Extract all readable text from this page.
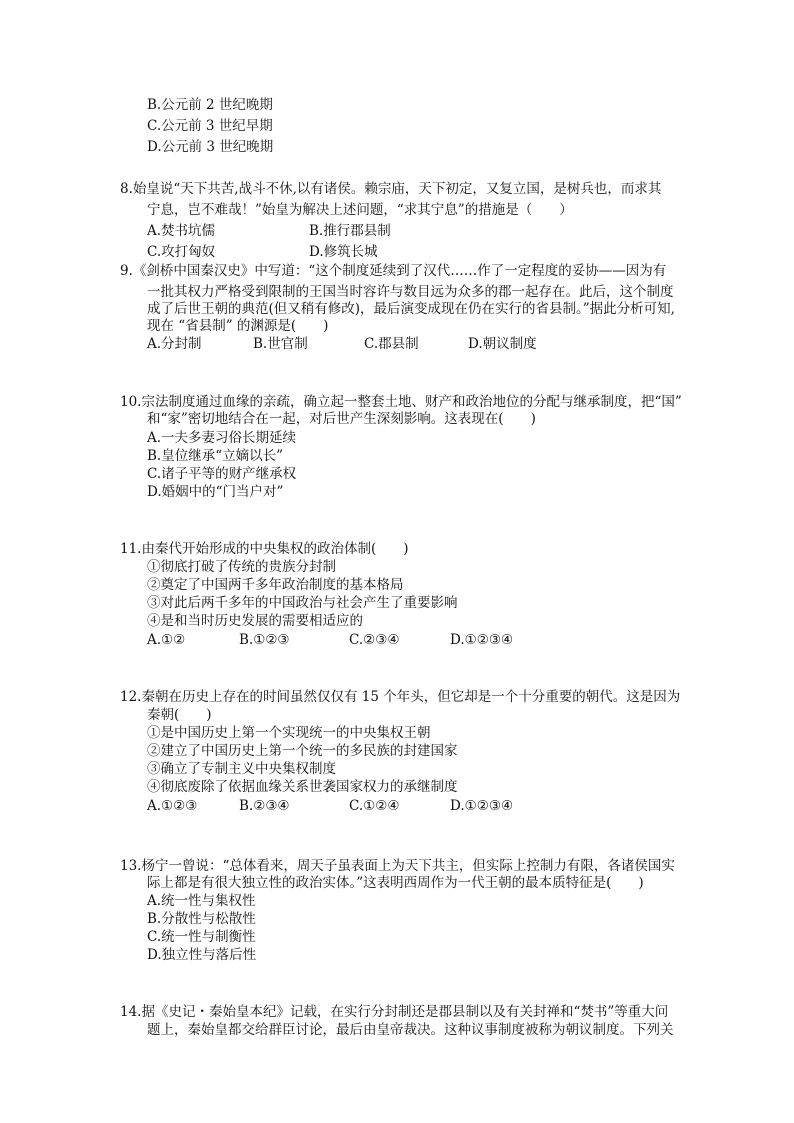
B.公元前 2 世纪晚期
C.公元前 3 世纪早期
D.公元前 3 世纪晚期
8.始皇说“天下共苦,战斗不休,以有诸侯。赖宗庙，天下初定，又复立国，是树兵也，而求其
宁息，岂不难哉！”始皇为解决上述问题，“求其宁息”的措施是（　　）
A.焚书坑儒	B.推行郡县制
C.攻打匈奴	D.修筑长城
9.《剑桥中国秦汉史》中写道：“这个制度延续到了汉代……作了一定程度的妥协——因为有
一批其权力严格受到限制的王国当时容许与数目远为众多的郡一起存在。此后，这个制度
成了后世王朝的典范(但又稍有修改)，最后演变成现在仍在实行的省县制。”据此分析可知,
现在 “省县制” 的渊源是(　　)
A.分封制	B.世官制	C.郡县制	D.朝议制度
10.宗法制度通过血缘的亲疏，确立起一整套土地、财产和政治地位的分配与继承制度，把“国”
和“家”密切地结合在一起，对后世产生深刻影响。这表现在(　　)
A.一夫多妻习俗长期延续
B.皇位继承“立嫡以长”
C.诸子平等的财产继承权
D.婚姻中的“门当户对”
11.由秦代开始形成的中央集权的政治体制(　　)
①彻底打破了传统的贵族分封制
②奠定了中国两千多年政治制度的基本格局
③对此后两千多年的中国政治与社会产生了重要影响
④是和当时历史发展的需要相适应的
A.①②	B.①②③	C.②③④	D.①②③④
12.秦朝在历史上存在的时间虽然仅仅有 15 个年头，但它却是一个十分重要的朝代。这是因为
秦朝(　　)
①是中国历史上第一个实现统一的中央集权王朝
②建立了中国历史上第一个统一的多民族的封建国家
③确立了专制主义中央集权制度
④彻底废除了依据血缘关系世袭国家权力的承继制度
A.①②③	B.②③④	C.①②④	D.①②③④
13.杨宁一曾说：“总体看来，周天子虽表面上为天下共主，但实际上控制力有限，各诸侯国实
际上都是有很大独立性的政治实体。”这表明西周作为一代王朝的最本质特征是(　　)
A.统一性与集权性
B.分散性与松散性
C.统一性与制衡性
D.独立性与落后性
14.据《史记・秦始皇本纪》记载，在实行分封制还是郡县制以及有关封禅和“焚书”等重大问
题上，秦始皇都交给群臣讨论，最后由皇帝裁决。这种议事制度被称为朝议制度。下列关
